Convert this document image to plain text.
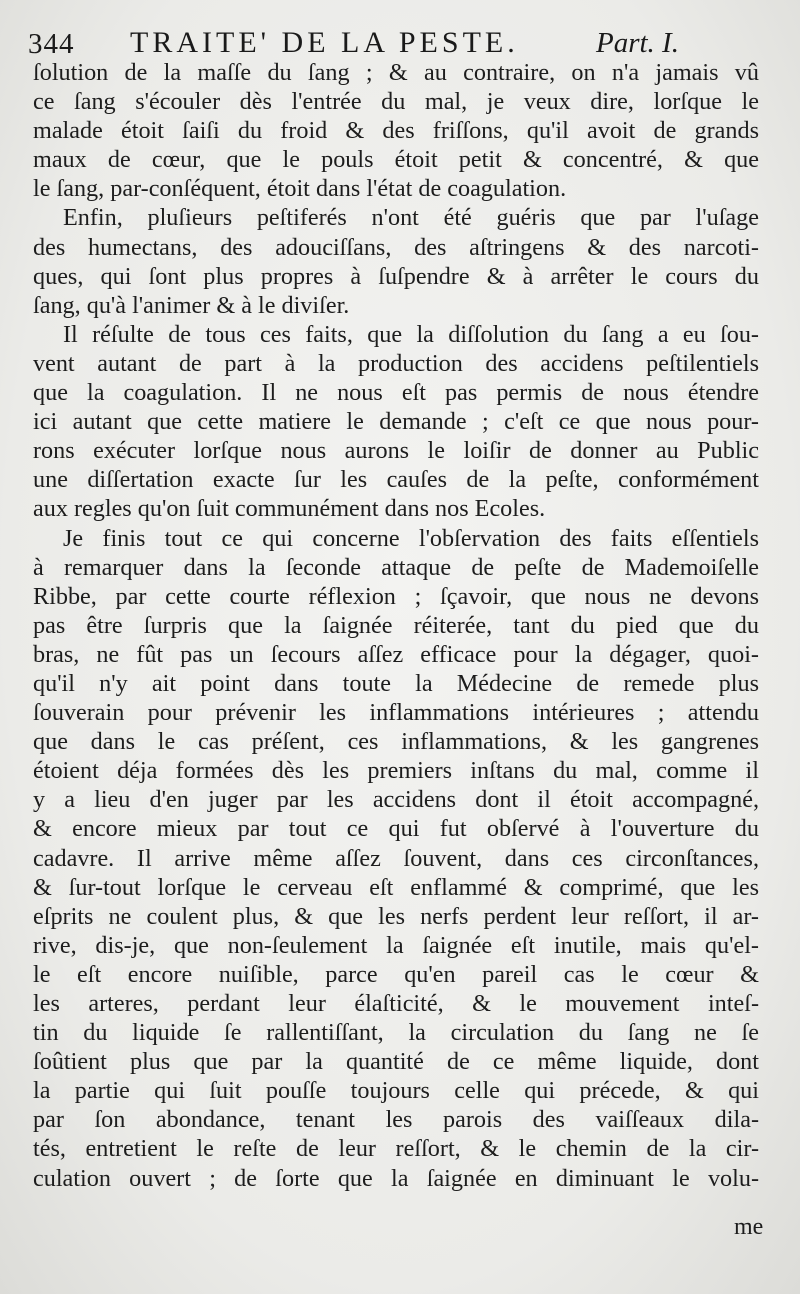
344 TRAITE' DE LA PESTE.	Part. I.
ſolution de la maſſe du ſang ; & au contraire, on n'a jamais vû
ce ſang s'écouler dès l'entrée du mal, je veux dire, lorſque le
malade étoit ſaiſi du froid & des friſſons, qu'il avoit de grands
maux de cœur, que le pouls étoit petit & concentré, & que
le ſang, par-conſéquent, étoit dans l'état de coagulation.
Enfin, pluſieurs peſtiferés n'ont été guéris que par l'uſage
des humectans, des adouciſſans, des aſtringens & des narcoti-
ques, qui ſont plus propres à ſuſpendre & à arrêter le cours du
ſang, qu'à l'animer & à le diviſer.
Il réſulte de tous ces faits, que la diſſolution du ſang a eu ſou-
vent autant de part à la production des accidens peſtilentiels
que la coagulation. Il ne nous eſt pas permis de nous étendre
ici autant que cette matiere le demande ; c'eſt ce que nous pour-
rons exécuter lorſque nous aurons le loiſir de donner au Public
une diſſertation exacte ſur les cauſes de la peſte, conformément
aux regles qu'on ſuit communément dans nos Ecoles.
Je finis tout ce qui concerne l'obſervation des faits eſſentiels
à remarquer dans la ſeconde attaque de peſte de Mademoiſelle
Ribbe, par cette courte réflexion ; ſçavoir, que nous ne devons
pas être ſurpris que la ſaignée réiterée, tant du pied que du
bras, ne fût pas un ſecours aſſez efficace pour la dégager, quoi-
qu'il n'y ait point dans toute la Médecine de remede plus
ſouverain pour prévenir les inflammations intérieures ; attendu
que dans le cas préſent, ces inflammations, & les gangrenes
étoient déja formées dès les premiers inſtans du mal, comme il
y a lieu d'en juger par les accidens dont il étoit accompagné,
& encore mieux par tout ce qui fut obſervé à l'ouverture du
cadavre. Il arrive même aſſez ſouvent, dans ces circonſtances,
& ſur-tout lorſque le cerveau eſt enflammé & comprimé, que les
eſprits ne coulent plus, & que les nerfs perdent leur reſſort, il ar-
rive, dis-je, que non-ſeulement la ſaignée eſt inutile, mais qu'el-
le eſt encore nuiſible, parce qu'en pareil cas le cœur &
les arteres, perdant leur élaſticité, & le mouvement inteſ-
tin du liquide ſe rallentiſſant, la circulation du ſang ne ſe
ſoûtient plus que par la quantité de ce même liquide, dont
la partie qui ſuit pouſſe toujours celle qui précede, & qui
par ſon abondance, tenant les parois des vaiſſeaux dila-
tés, entretient le reſte de leur reſſort, & le chemin de la cir-
culation ouvert ; de ſorte que la ſaignée en diminuant le volu-
me
